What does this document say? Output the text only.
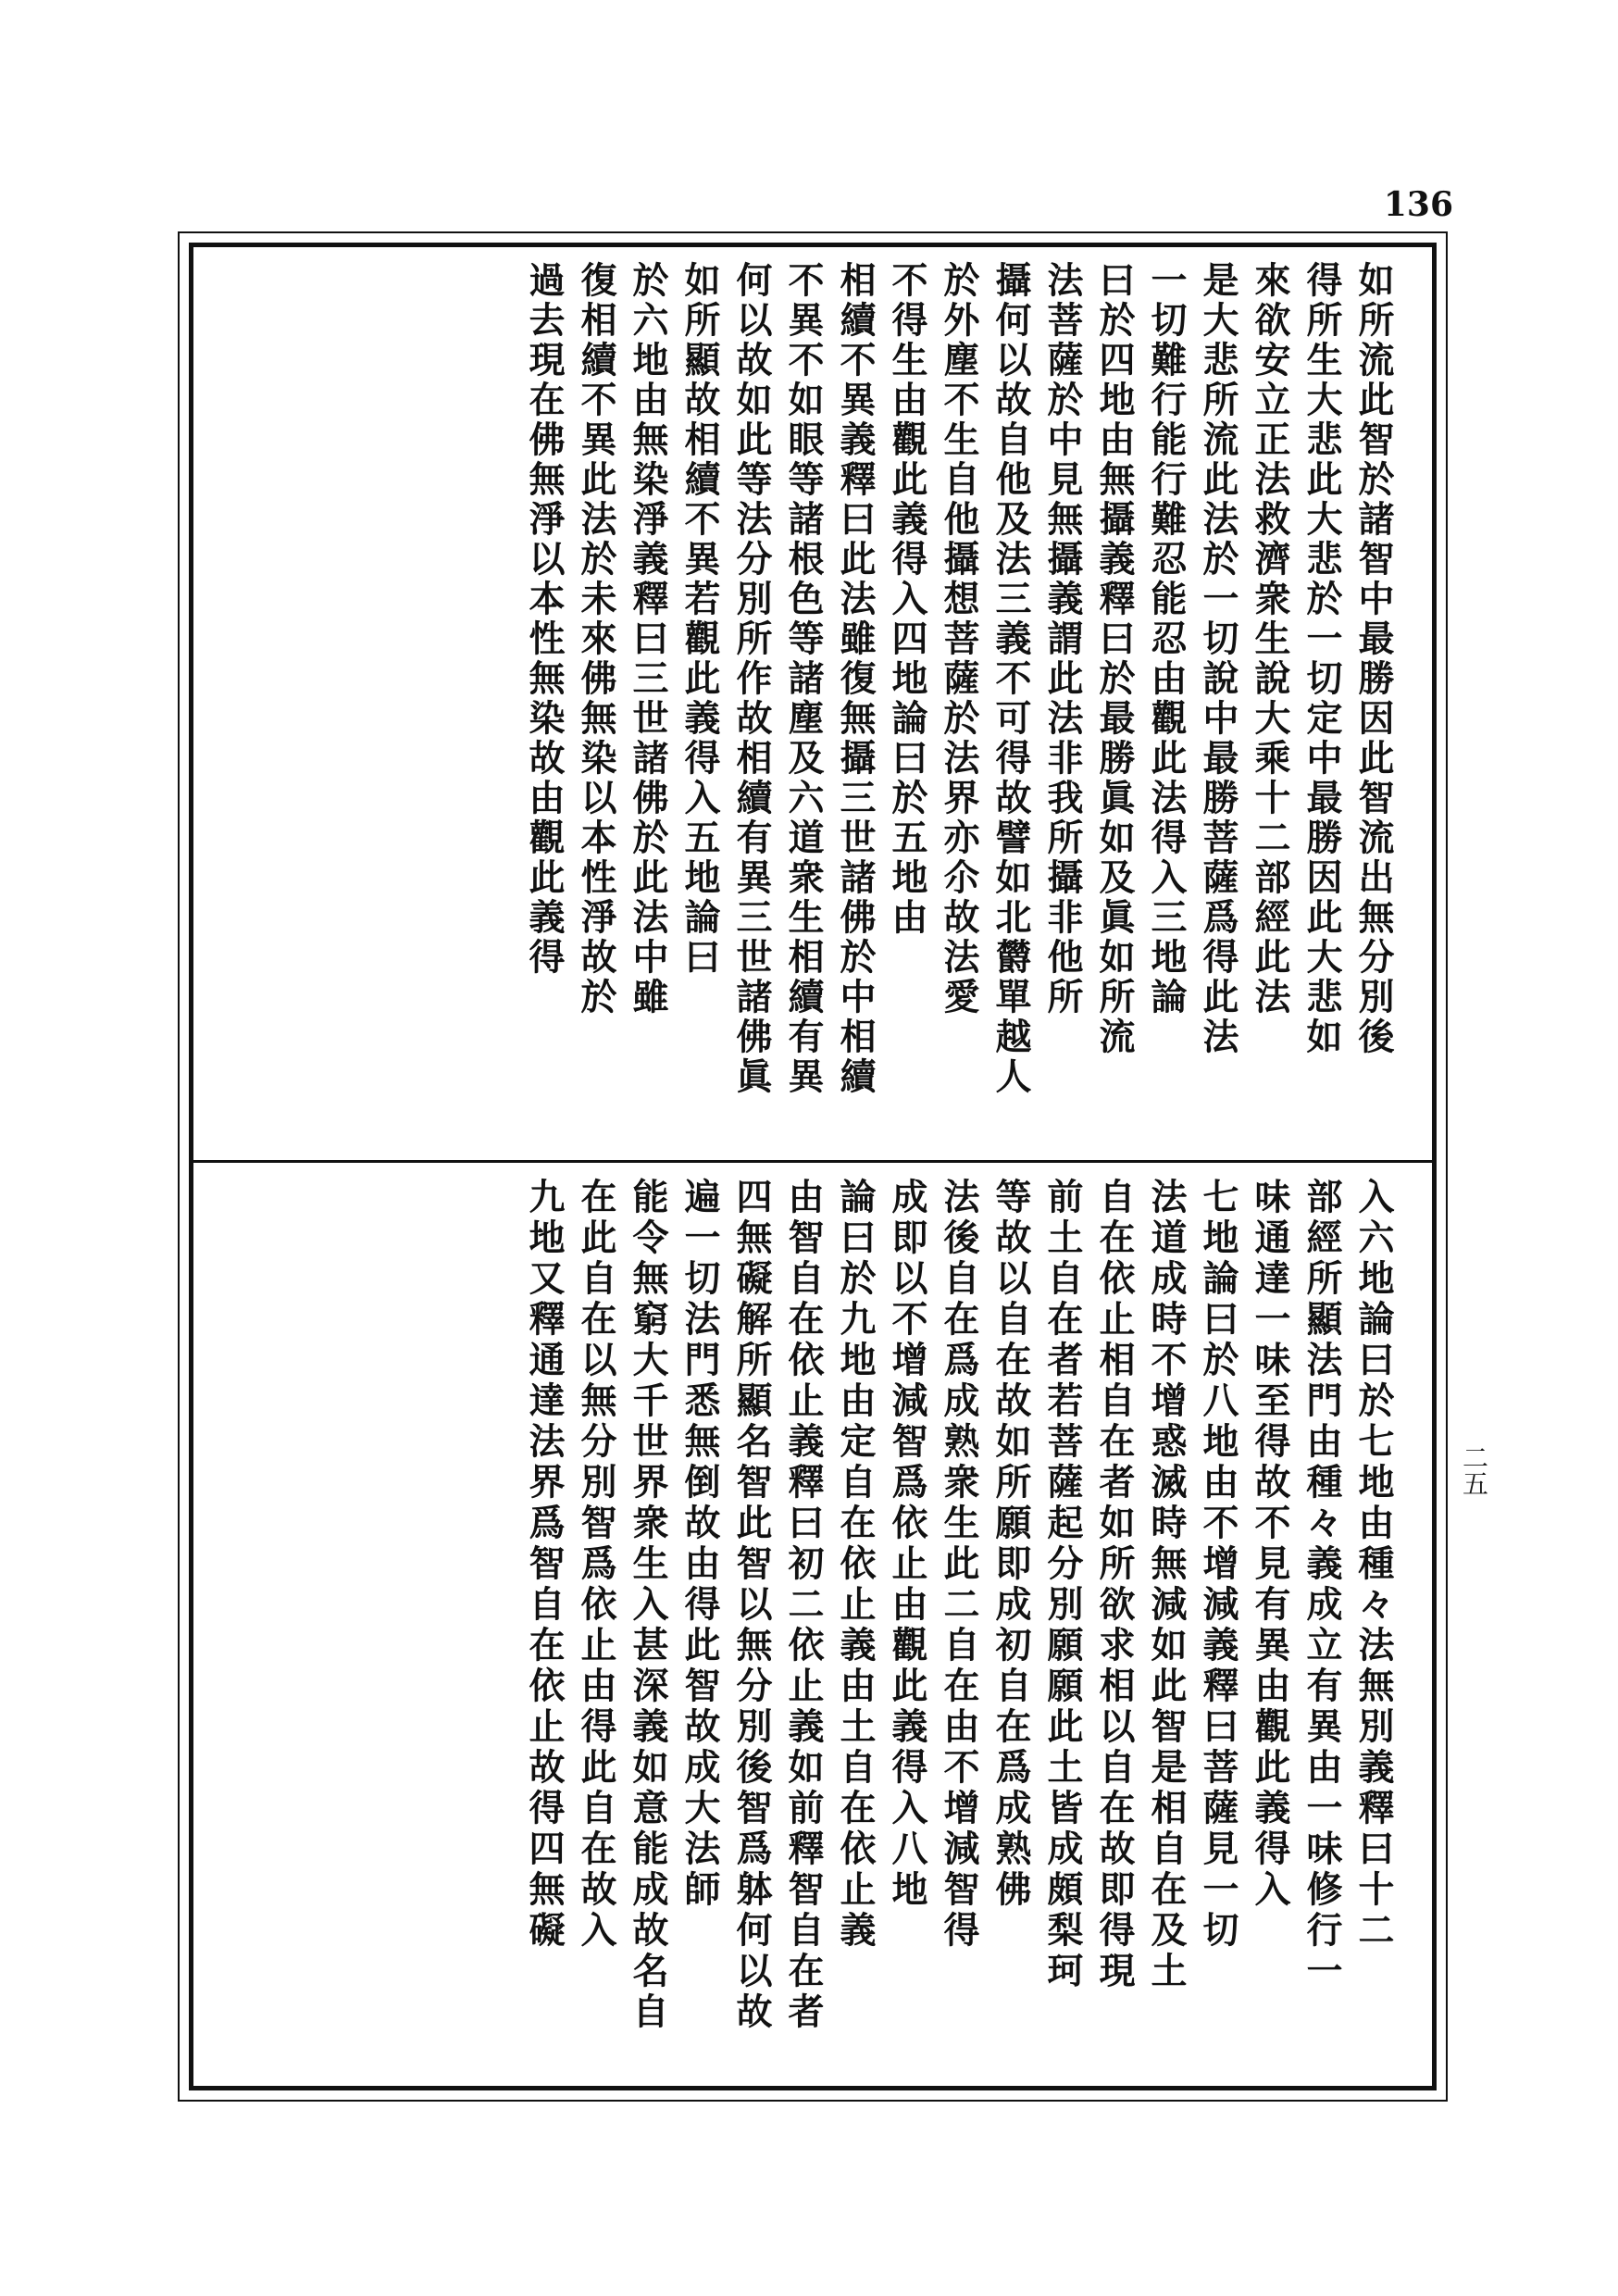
136
二五

如所流此智於諸智中最勝因此智流出無分別後

得所生大悲此大悲於一切定中最勝因此大悲如

來欲安立正法救濟衆生說大乘十二部經此法

是大悲所流此法於一切說中最勝菩薩爲得此法

一切難行能行難忍能忍由觀此法得入三地論

曰於四地由無攝義釋曰於最勝眞如及眞如所流

法菩薩於中見無攝義謂此法非我所攝非他所

攝何以故自他及法三義不可得故譬如北欝單越人

於外塵不生自他攝想菩薩於法界亦尒故法愛

不得生由觀此義得入四地論曰於五地由

相續不異義釋曰此法雖復無攝三世諸佛於中相續

不異不如眼等諸根色等諸塵及六道衆生相續有異

何以故如此等法分別所作故相續有異三世諸佛眞

如所顯故相續不異若觀此義得入五地論曰

於六地由無染淨義釋曰三世諸佛於此法中雖

復相續不異此法於未來佛無染以本性淨故於

過去現在佛無淨以本性無染故由觀此義得

入六地論曰於七地由種々法無別義釋曰十二

部經所顯法門由種々義成立有異由一味修行一

味通達一味至得故不見有異由觀此義得入

七地論曰於八地由不增減義釋曰菩薩見一切

法道成時不增惑滅時無減如此智是相自在及土

自在依止相自在者如所欲求相以自在故即得現

前土自在者若菩薩起分別願願此土皆成頗梨珂

等故以自在故如所願即成初自在爲成熟佛

法後自在爲成熟衆生此二自在由不增減智得

成即以不增減智爲依止由觀此義得入八地

論曰於九地由定自在依止義由土自在依止義

由智自在依止義釋曰初二依止義如前釋智自在者

四無礙解所顯名智此智以無分別後智爲躰何以故

遍一切法門悉無倒故由得此智故成大法師

能令無窮大千世界衆生入甚深義如意能成故名自

在此自在以無分別智爲依止由得此自在故入

九地又釋通達法界爲智自在依止故得四無礙
